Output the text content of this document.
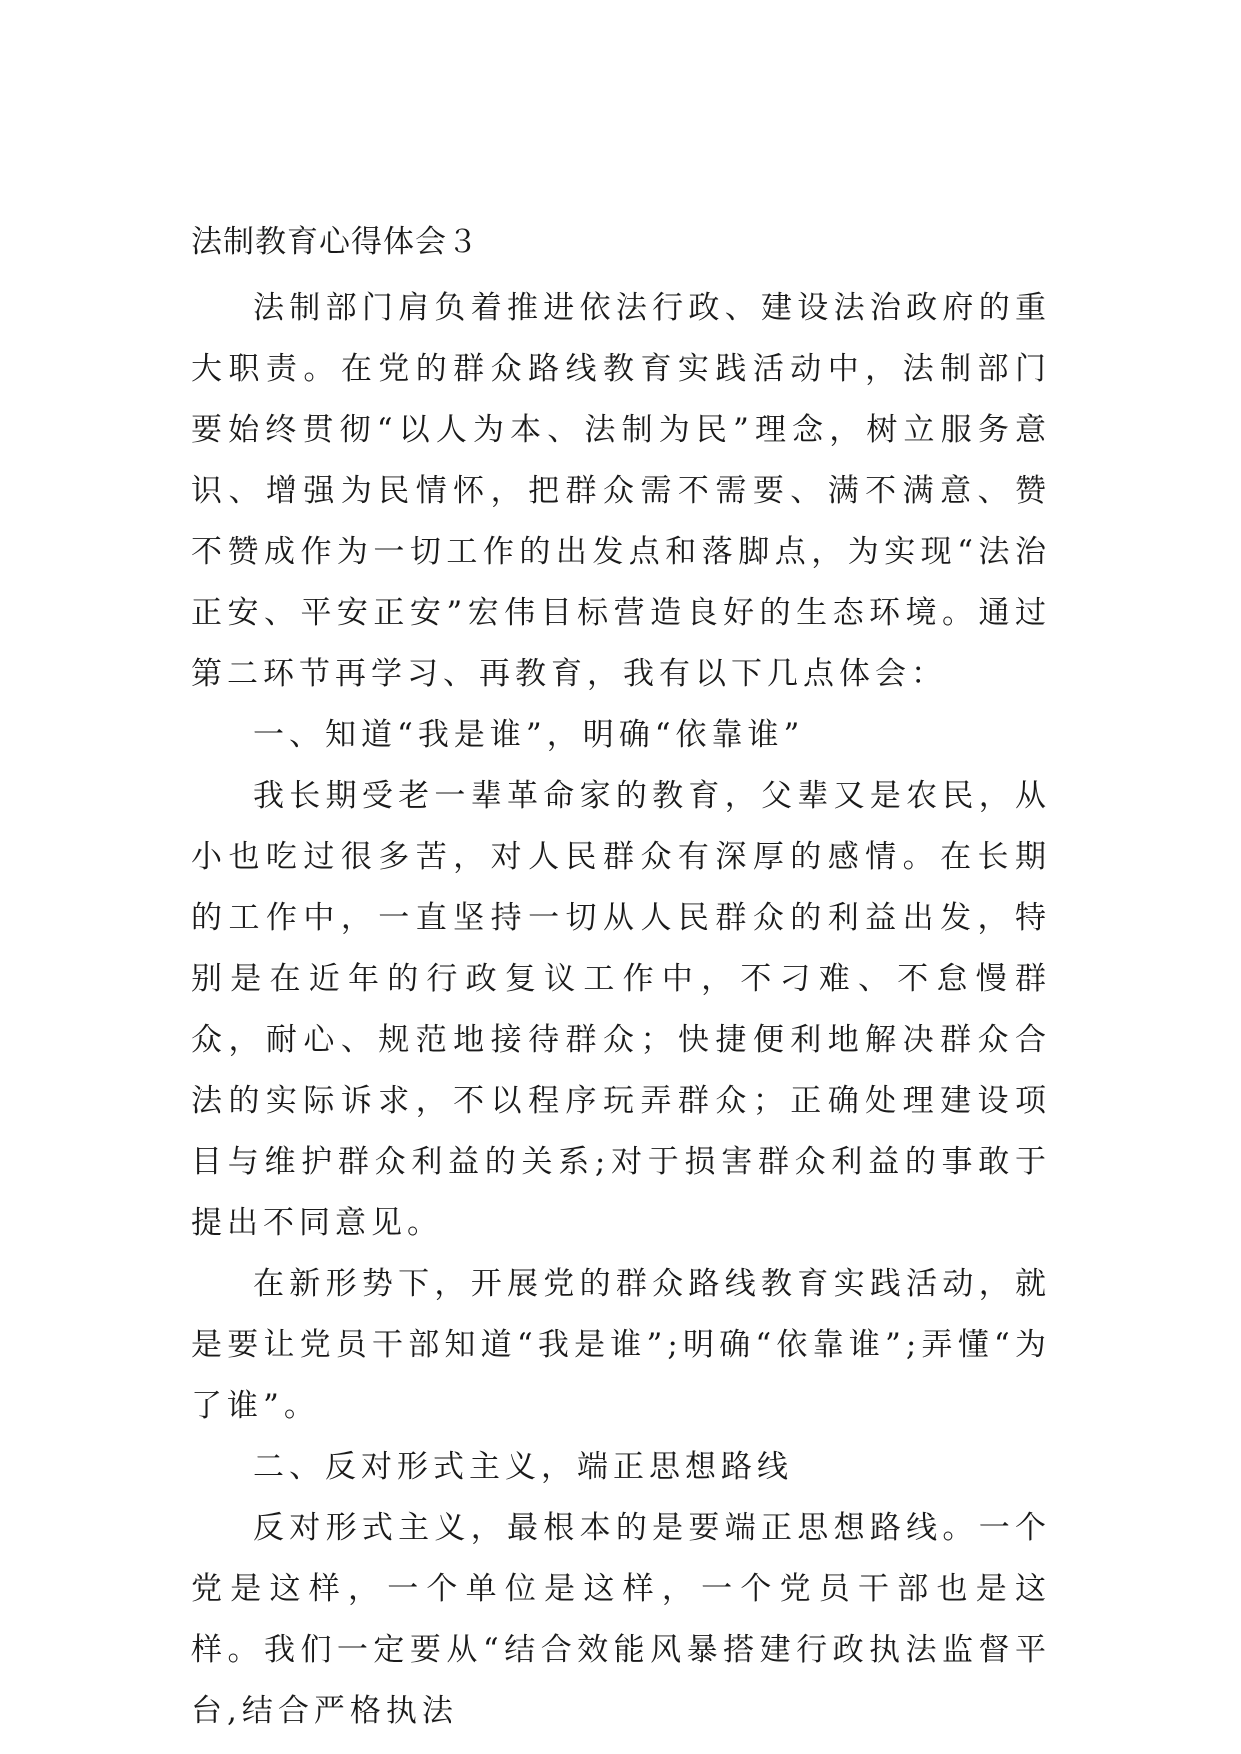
法制教育心得体会３

法制部门肩负着推进依法行政、建设法治政府的重大职责。在党的群众路线教育实践活动中，法制部门要始终贯彻“以人为本、法制为民”理念，树立服务意识、增强为民情怀，把群众需不需要、满不满意、赞不赞成作为一切工作的出发点和落脚点，为实现“法治正安、平安正安”宏伟目标营造良好的生态环境。通过第二环节再学习、再教育，我有以下几点体会：

一、知道“我是谁”，明确“依靠谁”

我长期受老一辈革命家的教育，父辈又是农民，从小也吃过很多苦，对人民群众有深厚的感情。在长期的工作中，一直坚持一切从人民群众的利益出发，特别是在近年的行政复议工作中，不刁难、不怠慢群众，耐心、规范地接待群众；快捷便利地解决群众合法的实际诉求，不以程序玩弄群众；正确处理建设项目与维护群众利益的关系;对于损害群众利益的事敢于提出不同意见。

在新形势下，开展党的群众路线教育实践活动，就是要让党员干部知道“我是谁”;明确“依靠谁”;弄懂“为了谁”。

二、反对形式主义，端正思想路线

反对形式主义，最根本的是要端正思想路线。一个党是这样，一个单位是这样，一个党员干部也是这样。我们一定要从“结合效能风暴搭建行政执法监督平台,结合严格执法
